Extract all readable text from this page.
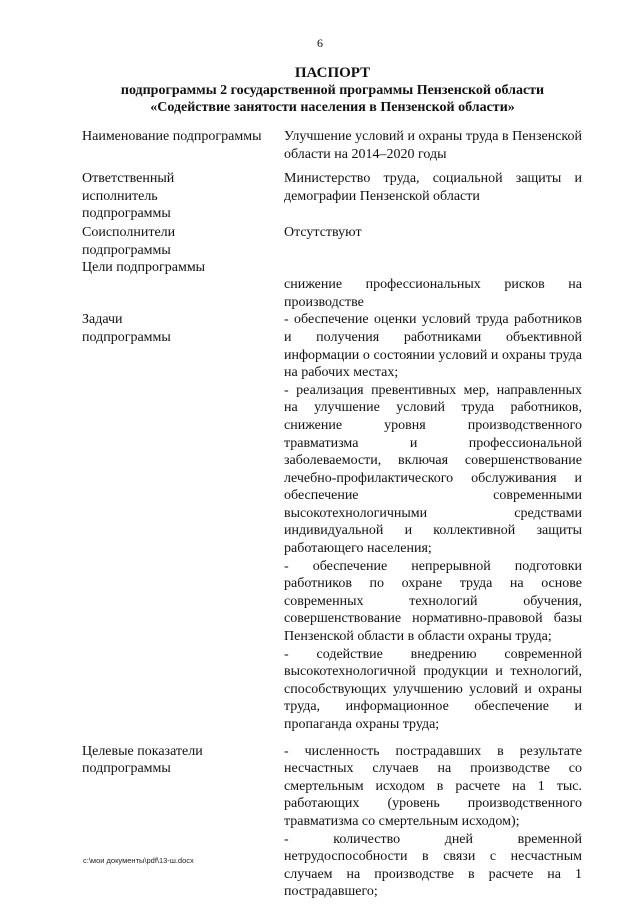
6
ПАСПОРТ
подпрограммы 2 государственной программы Пензенской области
«Содействие занятости населения в Пензенской области»
Наименование подпрограммы	Улучшение условий и охраны труда в Пензенской области на 2014–2020 годы

Ответственный исполнитель подпрограммы

Министерство труда, социальной защиты и демографии Пензенской области

Соисполнители подпрограммы

Отсутствуют

Цели подпрограммы

снижение профессиональных рисков на производстве

Задачи подпрограммы

- обеспечение оценки условий труда работников и получения работниками объективной информации о состоянии условий и охраны труда на рабочих местах;

- реализация превентивных мер, направленных на улучшение условий труда работников, снижение уровня производственного травматизма и профессиональной заболеваемости, включая совершенствование лечебно-профилактического обслуживания и обеспечение современными высокотехнологичными средствами индивидуальной и коллективной защиты работающего населения;

- обеспечение непрерывной подготовки работников по охране труда на основе современных технологий обучения, совершенствование нормативно-правовой базы Пензенской области в области охраны труда;

- содействие внедрению современной высокотехнологичной продукции и технологий, способствующих улучшению условий и охраны труда, информационное обеспечение и пропаганда охраны труда;

Целевые показатели подпрограммы

- численность пострадавших в результате несчастных случаев на производстве со смертельным исходом в расчете на 1 тыс. работающих (уровень производственного травматизма со смертельным исходом);

- количество дней временной нетрудоспособности в связи с несчастным случаем на производстве в расчете на 1 пострадавшего;

c:\мои документы\pdf\13-ш.docx
